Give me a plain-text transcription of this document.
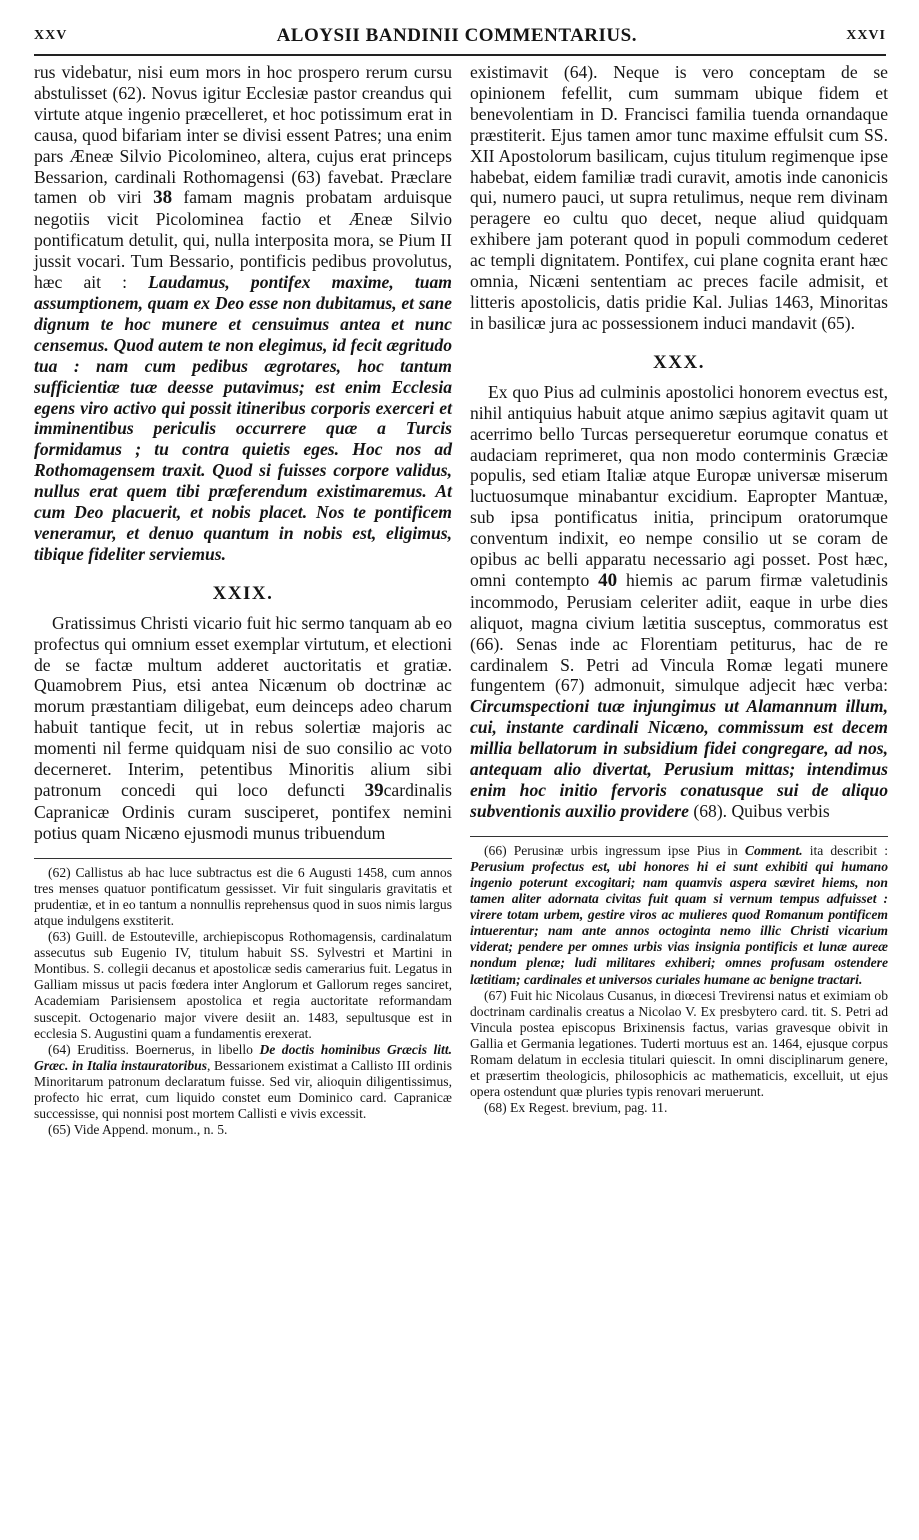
XXV	ALOYSII BANDINII COMMENTARIUS.	XXVI

rus videbatur, nisi eum mors in hoc prospero rerum cursu abstulisset (62). Novus igitur Ecclesiæ pastor creandus qui virtute atque ingenio præcelleret, et hoc potissimum erat in causa, quod bifariam inter se divisi essent Patres; una enim pars Æneæ Silvio Picolomineo, altera, cujus erat princeps Bessarion, cardinali Rothomagensi (63) favebat. Præclare tamen ob viri 38 famam magnis probatam arduisque negotiis vicit Picolominea factio et Æneæ Silvio pontificatum detulit, qui, nulla interposita mora, se Pium II jussit vocari. Tum Bessario, pontificis pedibus provolutus, hæc ait : Laudamus, pontifex maxime, tuam assumptionem, quam ex Deo esse non dubitamus, et sane dignum te hoc munere et censuimus antea et nunc censemus. Quod autem te non elegimus, id fecit ægritudo tua : nam cum pedibus ægrotares, hoc tantum sufficientiæ tuæ deesse putavimus; est enim Ecclesia egens viro activo qui possit itineribus corporis exerceri et imminentibus periculis occurrere quæ a Turcis formidamus ; tu contra quietis eges. Hoc nos ad Rothomagensem traxit. Quod si fuisses corpore validus, nullus erat quem tibi præferendum existimaremus. At cum Deo placuerit, et nobis placet. Nos te pontificem veneramur, et denuo quantum in nobis est, eligimus, tibique fideliter serviemus.

XXIX.

Gratissimus Christi vicario fuit hic sermo tanquam ab eo profectus qui omnium esset exemplar virtutum, et electioni de se factæ multum adderet auctoritatis et gratiæ. Quamobrem Pius, etsi antea Nicænum ob doctrinæ ac morum præstantiam diligebat, eum deinceps adeo charum habuit tantique fecit, ut in rebus solertiæ majoris ac momenti nil ferme quidquam nisi de suo consilio ac voto decerneret. Interim, petentibus Minoritis alium sibi patronum concedi qui loco defuncti 39cardinalis Capranicæ Ordinis curam susciperet, pontifex nemini potius quam Nicæno ejusmodi munus tribuendum

(62) Callistus ab hac luce subtractus est die 6 Augusti 1458, cum annos tres menses quatuor pontificatum gessisset. Vir fuit singularis gravitatis et prudentiæ, et in eo tantum a nonnullis reprehensus quod in suos nimis largus atque indulgens exstiterit.

(63) Guill. de Estouteville, archiepiscopus Rothomagensis, cardinalatum assecutus sub Eugenio IV, titulum habuit SS. Sylvestri et Martini in Montibus. S. collegii decanus et apostolicæ sedis camerarius fuit. Legatus in Galliam missus ut pacis fœdera inter Anglorum et Gallorum reges sanciret, Academiam Parisiensem apostolica et regia auctoritate reformandam suscepit. Octogenario major vivere desiit an. 1483, sepultusque est in ecclesia S. Augustini quam a fundamentis erexerat.

(64) Eruditiss. Boernerus, in libello De doctis hominibus Græcis litt. Græc. in Italia instauratoribus, Bessarionem existimat a Callisto III ordinis Minoritarum patronum declaratum fuisse. Sed vir, alioquin diligentissimus, profecto hic errat, cum liquido constet eum Dominico card. Capranicæ successisse, qui nonnisi post mortem Callisti e vivis excessit.

(65) Vide Append. monum., n. 5.

existimavit (64). Neque is vero conceptam de se opinionem fefellit, cum summam ubique fidem et benevolentiam in D. Francisci familia tuenda ornandaque præstiterit. Ejus tamen amor tunc maxime effulsit cum SS. XII Apostolorum basilicam, cujus titulum regimenque ipse habebat, eidem familiæ tradi curavit, amotis inde canonicis qui, numero pauci, ut supra retulimus, neque rem divinam peragere eo cultu quo decet, neque aliud quidquam exhibere jam poterant quod in populi commodum cederet ac templi dignitatem. Pontifex, cui plane cognita erant hæc omnia, Nicæni sententiam ac preces facile admisit, et litteris apostolicis, datis pridie Kal. Julias 1463, Minoritas in basilicæ jura ac possessionem induci mandavit (65).

XXX.

Ex quo Pius ad culminis apostolici honorem evectus est, nihil antiquius habuit atque animo sæpius agitavit quam ut acerrimo bello Turcas persequeretur eorumque conatus et audaciam reprimeret, qua non modo conterminis Græciæ populis, sed etiam Italiæ atque Europæ universæ miserum luctuosumque minabantur excidium. Eapropter Mantuæ, sub ipsa pontificatus initia, principum oratorumque conventum indixit, eo nempe consilio ut se coram de opibus ac belli apparatu necessario agi posset. Post hæc, omni contempto 40 hiemis ac parum firmæ valetudinis incommodo, Perusiam celeriter adiit, eaque in urbe dies aliquot, magna civium lætitia susceptus, commoratus est (66). Senas inde ac Florentiam petiturus, hac de re cardinalem S. Petri ad Vincula Romæ legati munere fungentem (67) admonuit, simulque adjecit hæc verba: Circumspectioni tuæ injungimus ut Alamannum illum, cui, instante cardinali Nicæno, commissum est decem millia bellatorum in subsidium fidei congregare, ad nos, antequam alio divertat, Perusium mittas; intendimus enim hoc initio fervoris conatusque sui de aliquo subventionis auxilio providere (68). Quibus verbis

(66) Perusinæ urbis ingressum ipse Pius in Comment. ita describit : Perusium profectus est, ubi honores hi ei sunt exhibiti qui humano ingenio poterunt excogitari; nam quamvis aspera sæviret hiems, non tamen aliter adornata civitas fuit quam si vernum tempus adfuisset : virere totam urbem, gestire viros ac mulieres quod Romanum pontificem intuerentur; nam ante annos octoginta nemo illic Christi vicarium viderat; pendere per omnes urbis vias insignia pontificis et lunæ aureæ nondum plenæ; ludi militares exhiberi; omnes profusam ostendere lætitiam; cardinales et universos curiales humane ac benigne tractari.

(67) Fuit hic Nicolaus Cusanus, in diœcesi Trevirensi natus et eximiam ob doctrinam cardinalis creatus a Nicolao V. Ex presbytero card. tit. S. Petri ad Vincula postea episcopus Brixinensis factus, varias gravesque obivit in Gallia et Germania legationes. Tuderti mortuus est an. 1464, ejusque corpus Romam delatum in ecclesia titulari quiescit. In omni disciplinarum genere, et præsertim theologicis, philosophicis ac mathematicis, excelluit, ut ejus opera ostendunt quæ pluries typis renovari meruerunt.

(68) Ex Regest. brevium, pag. 11.
